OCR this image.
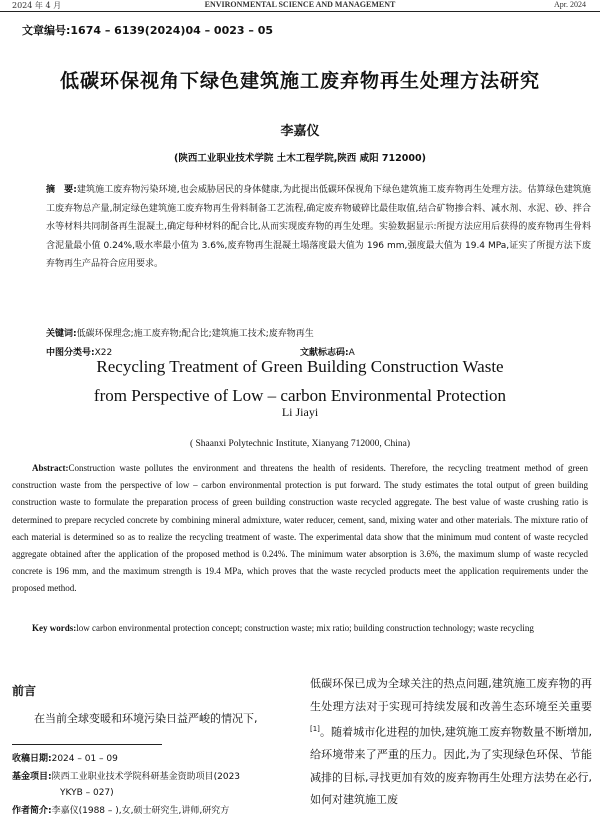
2024 年 4 月	ENVIRONMENTAL SCIENCE AND MANAGEMENT	Apr. 2024
文章编号:1674 – 6139(2024)04 – 0023 – 05
低碳环保视角下绿色建筑施工废弃物再生处理方法研究
李嘉仪
(陕西工业职业技术学院 土木工程学院,陕西 咸阳 712000)
摘　要:建筑施工废弃物污染环境,也会威胁居民的身体健康,为此提出低碳环保视角下绿色建筑施工废弃物再生处理方法。估算绿色建筑施工废弃物总产量,制定绿色建筑施工废弃物再生骨料制备工艺流程,确定废弃物破碎比最佳取值,结合矿物掺合料、减水剂、水泥、砂、拌合水等材料共同制备再生混凝土,确定每种材料的配合比,从而实现废弃物的再生处理。实验数据显示:所提方法应用后获得的废弃物再生骨料含泥量最小值 0.24%,吸水率最小值为 3.6%,废弃物再生混凝土塌落度最大值为 196 mm,强度最大值为 19.4 MPa,证实了所提方法下废弃物再生产品符合应用要求。
关键词:低碳环保理念;施工废弃物;配合比;建筑施工技术;废弃物再生
中图分类号:X22	文献标志码:A
Recycling Treatment of Green Building Construction Waste
from Perspective of Low – carbon Environmental Protection
Li Jiayi
( Shaanxi Polytechnic Institute, Xianyang 712000, China)
Abstract:Construction waste pollutes the environment and threatens the health of residents. Therefore, the recycling treatment method of green construction waste from the perspective of low – carbon environmental protection is put forward. The study estimates the total output of green building construction waste to formulate the preparation process of green building construction waste recycled aggregate. The best value of waste crushing ratio is determined to prepare recycled concrete by combining mineral admixture, water reducer, cement, sand, mixing water and other materials. The mixture ratio of each material is determined so as to realize the recycling treatment of waste. The experimental data show that the minimum mud content of waste recycled aggregate obtained after the application of the proposed method is 0.24%. The minimum water absorption is 3.6%, the maximum slump of waste recycled concrete is 196 mm, and the maximum strength is 19.4 MPa, which proves that the waste recycled products meet the application requirements under the proposed method.
Key words:low carbon environmental protection concept; construction waste; mix ratio; building construction technology; waste recycling
前言
在当前全球变暖和环境污染日益严峻的情况下,
收稿日期:2024 – 01 – 09
基金项目:陕西工业职业技术学院科研基金资助项目(2023
YKYB – 027)
作者简介:李嘉仪(1988 – ),女,硕士研究生,讲师,研究方
低碳环保已成为全球关注的热点问题,建筑施工废弃物的再生处理方法对于实现可持续发展和改善生态环境至关重要[1]。随着城市化进程的加快,建筑施工废弃物数量不断增加,给环境带来了严重的压力。因此,为了实现绿色环保、节能减排的目标,寻找更加有效的废弃物再生处理方法势在必行,如何对建筑施工废
